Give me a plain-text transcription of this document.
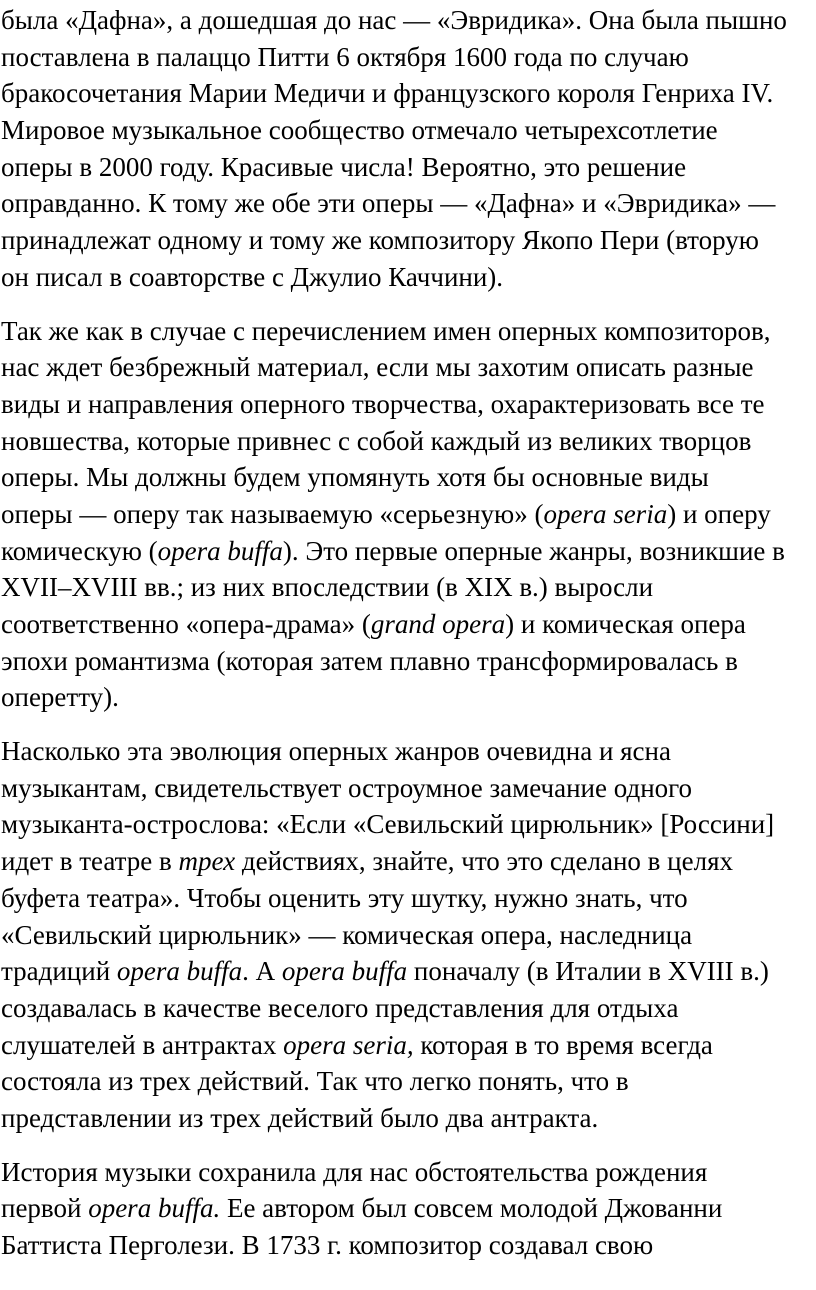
была «Дафна», а дошедшая до нас — «Эвридика». Она была пышно
поставлена в палаццо Питти 6 октября 1600 года по случаю
бракосочетания Марии Медичи и французского короля Генриха IV.
Мировое музыкальное сообщество отмечало четырехсотлетие
оперы в 2000 году. Красивые числа! Вероятно, это решение
оправданно. К тому же обе эти оперы — «Дафна» и «Эвридика» —
принадлежат одному и тому же композитору Якопо Пери (вторую
он писал в соавторстве с Джулио Каччини).
Так же как в случае с перечислением имен оперных композиторов,
нас ждет безбрежный материал, если мы захотим описать разные
виды и направления оперного творчества, охарактеризовать все те
новшества, которые привнес с собой каждый из великих творцов
оперы. Мы должны будем упомянуть хотя бы основные виды
оперы — оперу так называемую «серьезную» (opera seria) и оперу
комическую (opera buffa). Это первые оперные жанры, возникшие в
XVII–XVIII вв.; из них впоследствии (в XIX в.) выросли
соответственно «опера-драма» (grand opera) и комическая опера
эпохи романтизма (которая затем плавно трансформировалась в
оперетту).
Насколько эта эволюция оперных жанров очевидна и ясна
музыкантам, свидетельствует остроумное замечание одного
музыканта-острослова: «Если «Севильский цирюльник» [Россини]
идет в театре в трех действиях, знайте, что это сделано в целях
буфета театра». Чтобы оценить эту шутку, нужно знать, что
«Севильский цирюльник» — комическая опера, наследница
традиций opera buffa. А opera buffa поначалу (в Италии в XVIII в.)
создавалась в качестве веселого представления для отдыха
слушателей в антрактах opera seria, которая в то время всегда
состояла из трех действий. Так что легко понять, что в
представлении из трех действий было два антракта.
История музыки сохранила для нас обстоятельства рождения
первой opera buffa. Ее автором был совсем молодой Джованни
Баттиста Перголези. В 1733 г. композитор создавал свою
